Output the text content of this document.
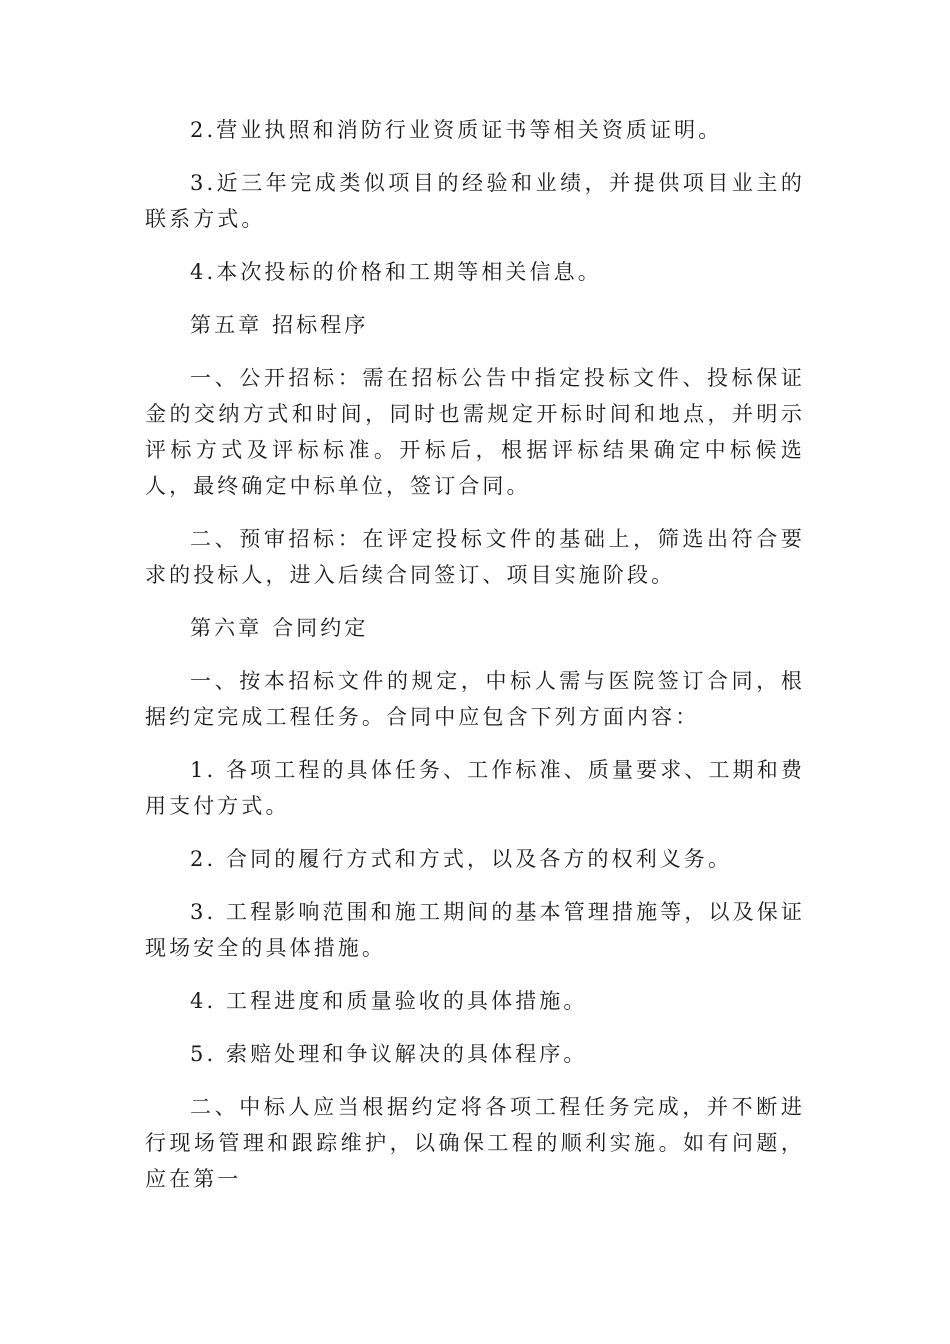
2.营业执照和消防行业资质证书等相关资质证明。

3.近三年完成类似项目的经验和业绩，并提供项目业主的联系方式。

4.本次投标的价格和工期等相关信息。

第五章 招标程序

一、公开招标：需在招标公告中指定投标文件、投标保证金的交纳方式和时间，同时也需规定开标时间和地点，并明示评标方式及评标标准。开标后，根据评标结果确定中标候选人，最终确定中标单位，签订合同。

二、预审招标：在评定投标文件的基础上，筛选出符合要求的投标人，进入后续合同签订、项目实施阶段。

第六章 合同约定

一、按本招标文件的规定，中标人需与医院签订合同，根据约定完成工程任务。合同中应包含下列方面内容：

1. 各项工程的具体任务、工作标准、质量要求、工期和费用支付方式。

2. 合同的履行方式和方式，以及各方的权利义务。

3. 工程影响范围和施工期间的基本管理措施等，以及保证现场安全的具体措施。

4. 工程进度和质量验收的具体措施。

5. 索赔处理和争议解决的具体程序。

二、中标人应当根据约定将各项工程任务完成，并不断进行现场管理和跟踪维护，以确保工程的顺利实施。如有问题，应在第一
